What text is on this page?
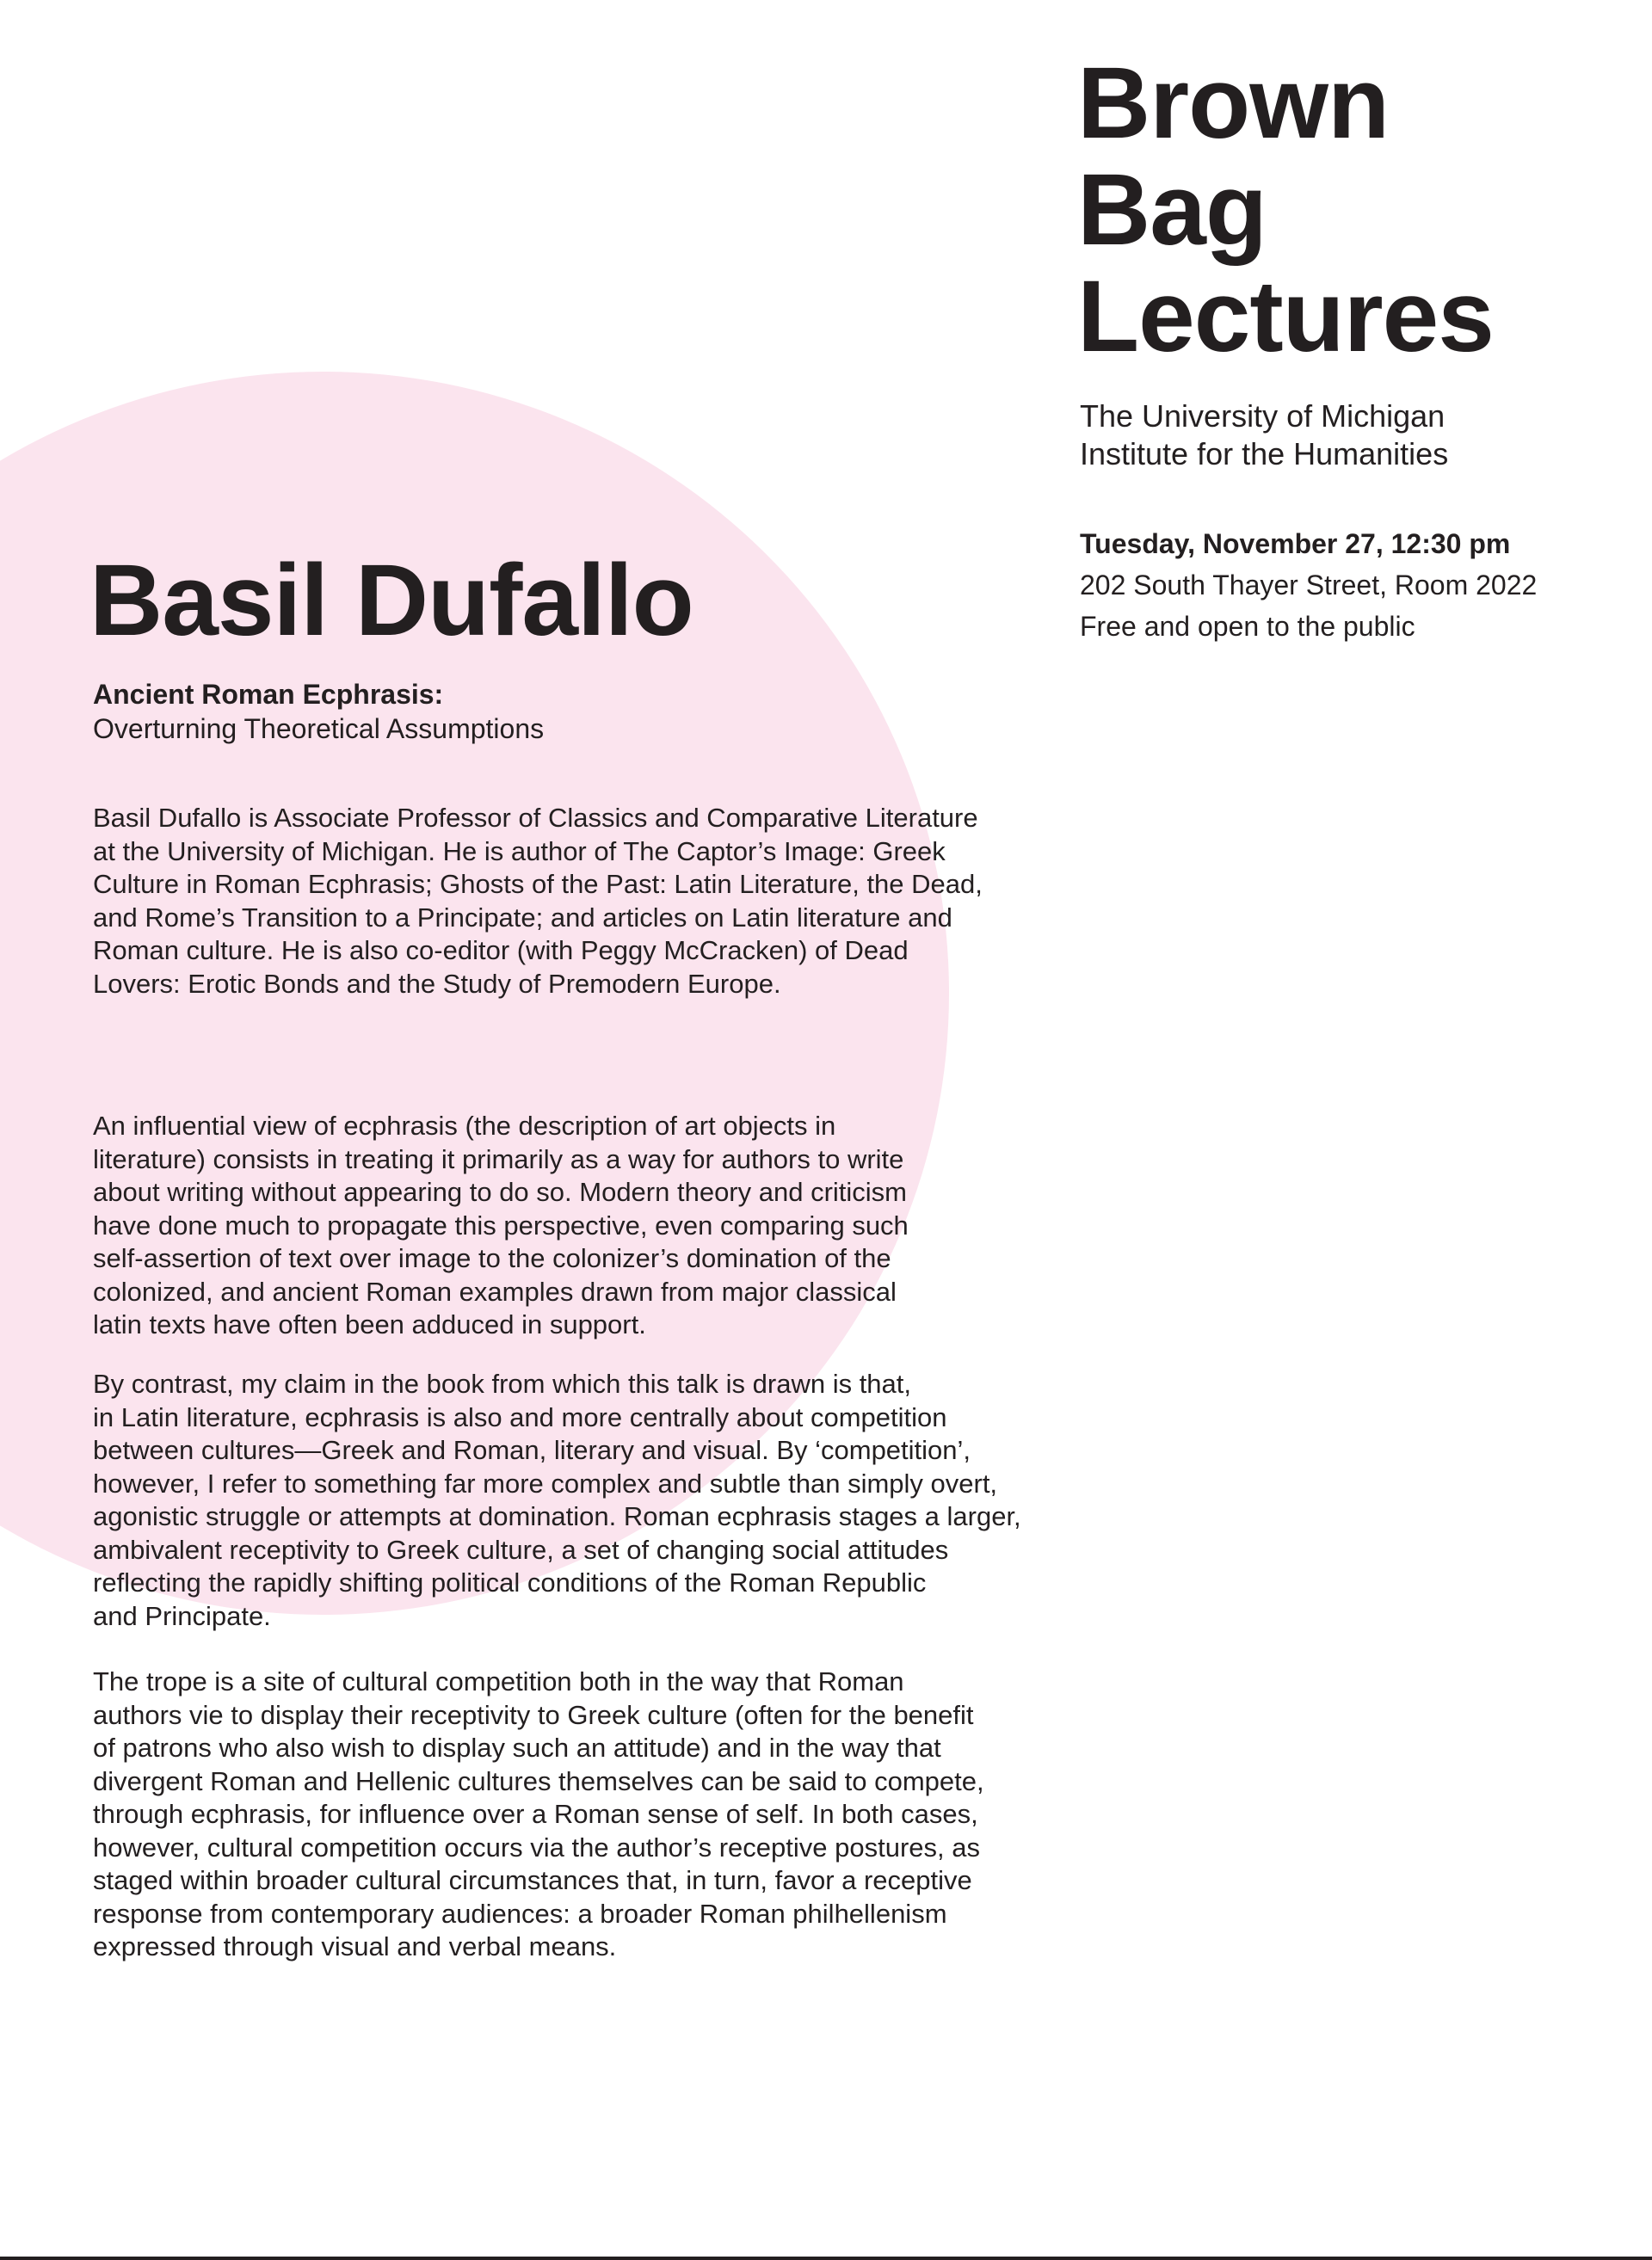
Brown
Bag
Lectures
The University of Michigan
Institute for the Humanities
Tuesday, November 27, 12:30 pm
202 South Thayer Street, Room 2022
Free and open to the public
Basil Dufallo
Ancient Roman Ecphrasis:
Overturning Theoretical Assumptions
Basil Dufallo is Associate Professor of Classics and Comparative Literature
at the University of Michigan. He is author of The Captor’s Image: Greek
Culture in Roman Ecphrasis; Ghosts of the Past: Latin Literature, the Dead,
and Rome’s Transition to a Principate; and articles on Latin literature and
Roman culture. He is also co-editor (with Peggy McCracken) of Dead
Lovers: Erotic Bonds and the Study of Premodern Europe.
An influential view of ecphrasis (the description of art objects in
literature) consists in treating it primarily as a way for authors to write
about writing without appearing to do so. Modern theory and criticism
have done much to propagate this perspective, even comparing such
self-assertion of text over image to the colonizer’s domination of the
colonized, and ancient Roman examples drawn from major classical
latin texts have often been adduced in support.
By contrast, my claim in the book from which this talk is drawn is that,
in Latin literature, ecphrasis is also and more centrally about competition
between cultures—Greek and Roman, literary and visual. By ‘competition’,
however, I refer to something far more complex and subtle than simply overt,
agonistic struggle or attempts at domination. Roman ecphrasis stages a larger,
ambivalent receptivity to Greek culture, a set of changing social attitudes
reflecting the rapidly shifting political conditions of the Roman Republic
and Principate.
The trope is a site of cultural competition both in the way that Roman
authors vie to display their receptivity to Greek culture (often for the benefit
of patrons who also wish to display such an attitude) and in the way that
divergent Roman and Hellenic cultures themselves can be said to compete,
through ecphrasis, for influence over a Roman sense of self. In both cases,
however, cultural competition occurs via the author’s receptive postures, as
staged within broader cultural circumstances that, in turn, favor a receptive
response from contemporary audiences: a broader Roman philhellenism
expressed through visual and verbal means.
